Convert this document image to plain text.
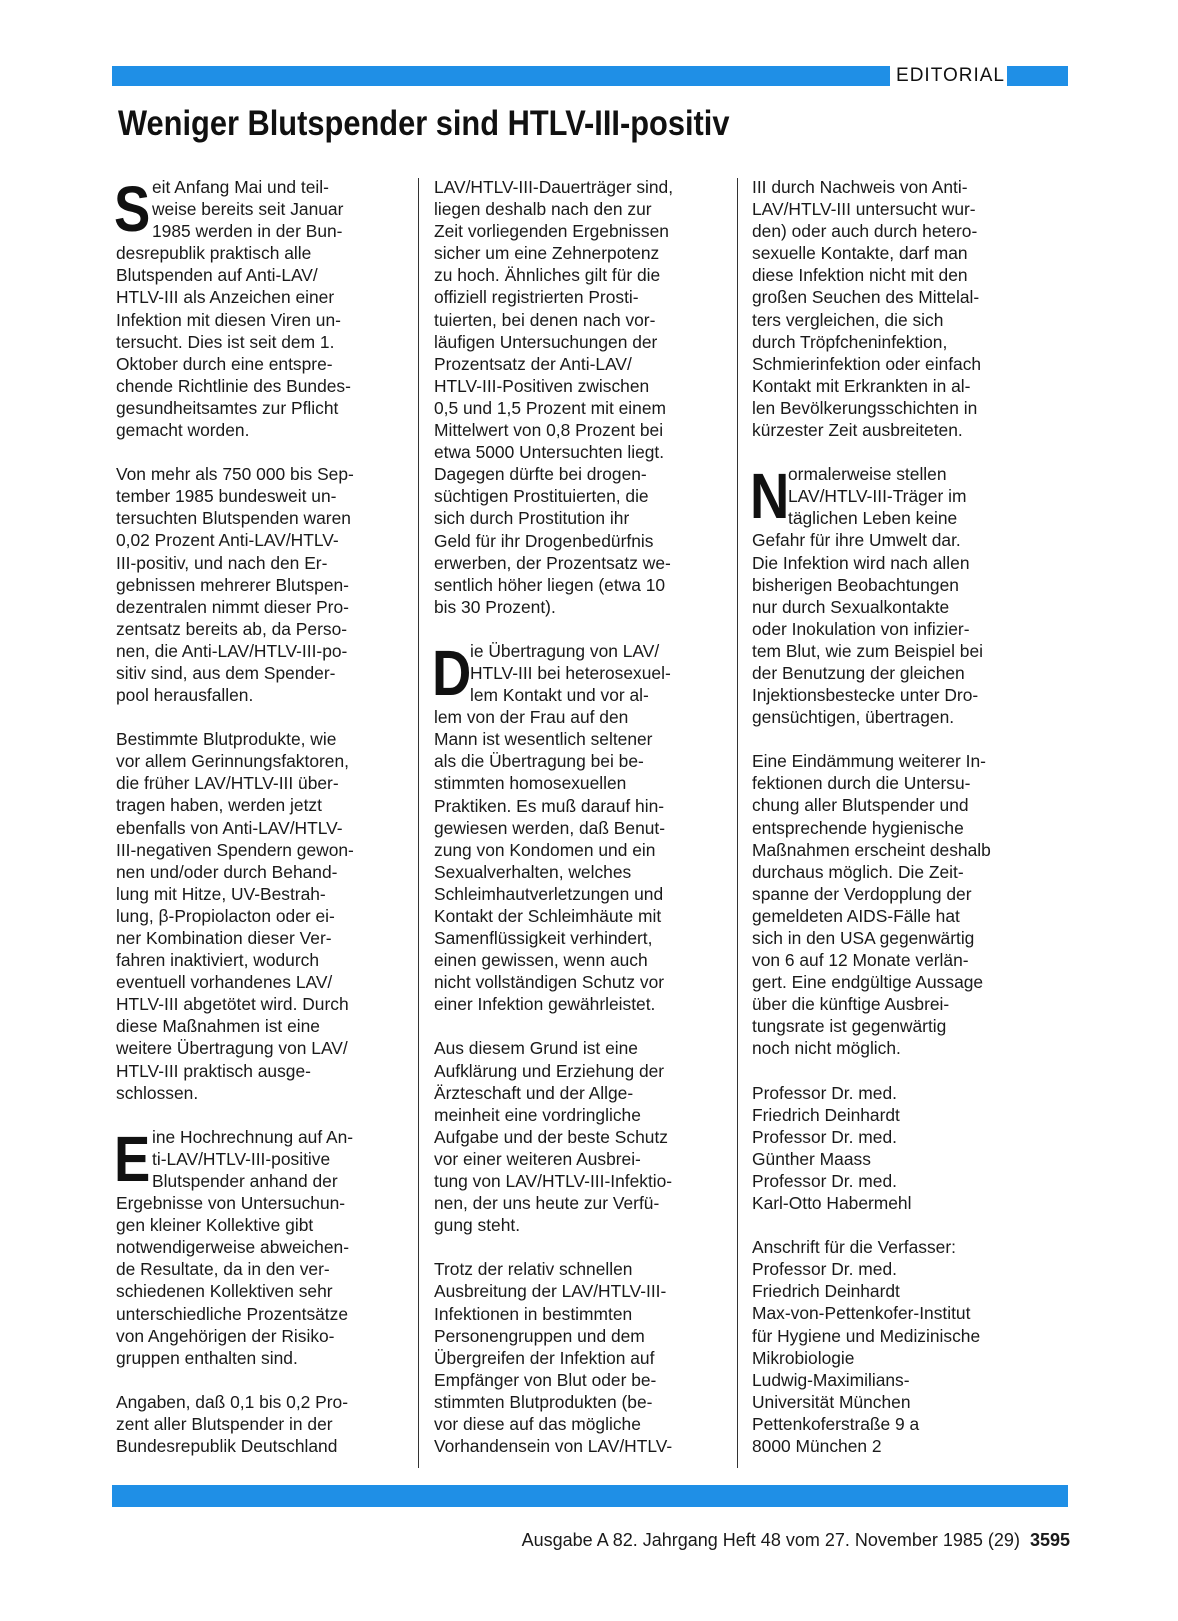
EDITORIAL
Weniger Blutspender sind HTLV-III-positiv

S eit Anfang Mai und teil-
weise bereits seit Januar
1985 werden in der Bun-
desrepublik praktisch alle
Blutspenden auf Anti-LAV/
HTLV-III als Anzeichen einer
Infektion mit diesen Viren un-
tersucht. Dies ist seit dem 1.
Oktober durch eine entspre-
chende Richtlinie des Bundes-
gesundheitsamtes zur Pflicht
gemacht worden.

Von mehr als 750 000 bis Sep-
tember 1985 bundesweit un-
tersuchten Blutspenden waren
0,02 Prozent Anti-LAV/HTLV-
III-positiv, und nach den Er-
gebnissen mehrerer Blutspen-
dezentralen nimmt dieser Pro-
zentsatz bereits ab, da Perso-
nen, die Anti-LAV/HTLV-III-po-
sitiv sind, aus dem Spender-
pool herausfallen.

Bestimmte Blutprodukte, wie
vor allem Gerinnungsfaktoren,
die früher LAV/HTLV-III über-
tragen haben, werden jetzt
ebenfalls von Anti-LAV/HTLV-
III-negativen Spendern gewon-
nen und/oder durch Behand-
lung mit Hitze, UV-Bestrah-
lung, β-Propiolacton oder ei-
ner Kombination dieser Ver-
fahren inaktiviert, wodurch
eventuell vorhandenes LAV/
HTLV-III abgetötet wird. Durch
diese Maßnahmen ist eine
weitere Übertragung von LAV/
HTLV-III praktisch ausge-
schlossen.

E ine Hochrechnung auf An-
ti-LAV/HTLV-III-positive
Blutspender anhand der
Ergebnisse von Untersuchun-
gen kleiner Kollektive gibt
notwendigerweise abweichen-
de Resultate, da in den ver-
schiedenen Kollektiven sehr
unterschiedliche Prozentsätze
von Angehörigen der Risiko-
gruppen enthalten sind.

Angaben, daß 0,1 bis 0,2 Pro-
zent aller Blutspender in der
Bundesrepublik Deutschland

LAV/HTLV-III-Dauerträger sind,
liegen deshalb nach den zur
Zeit vorliegenden Ergebnissen
sicher um eine Zehnerpotenz
zu hoch. Ähnliches gilt für die
offiziell registrierten Prosti-
tuierten, bei denen nach vor-
läufigen Untersuchungen der
Prozentsatz der Anti-LAV/
HTLV-III-Positiven zwischen
0,5 und 1,5 Prozent mit einem
Mittelwert von 0,8 Prozent bei
etwa 5000 Untersuchten liegt.
Dagegen dürfte bei drogen-
süchtigen Prostituierten, die
sich durch Prostitution ihr
Geld für ihr Drogenbedürfnis
erwerben, der Prozentsatz we-
sentlich höher liegen (etwa 10
bis 30 Prozent).

D
ie Übertragung von LAV/
HTLV-III bei heterosexuel-
lem Kontakt und vor al-
lem von der Frau auf den
Mann ist wesentlich seltener
als die Übertragung bei be-
stimmten homosexuellen
Praktiken. Es muß darauf hin-
gewiesen werden, daß Benut-
zung von Kondomen und ein
Sexualverhalten, welches
Schleimhautverletzungen und
Kontakt der Schleimhäute mit
Samenflüssigkeit verhindert,
einen gewissen, wenn auch
nicht vollständigen Schutz vor
einer Infektion gewährleistet.

Aus diesem Grund ist eine
Aufklärung und Erziehung der
Ärzteschaft und der Allge-
meinheit eine vordringliche
Aufgabe und der beste Schutz
vor einer weiteren Ausbrei-
tung von LAV/HTLV-III-Infektio-
nen, der uns heute zur Verfü-
gung steht.

Trotz der relativ schnellen
Ausbreitung der LAV/HTLV-III-
Infektionen in bestimmten
Personengruppen und dem
Übergreifen der Infektion auf
Empfänger von Blut oder be-
stimmten Blutprodukten (be-
vor diese auf das mögliche
Vorhandensein von LAV/HTLV-

III durch Nachweis von Anti-
LAV/HTLV-III untersucht wur-
den) oder auch durch hetero-
sexuelle Kontakte, darf man
diese Infektion nicht mit den
großen Seuchen des Mittelal-
ters vergleichen, die sich
durch Tröpfcheninfektion,
Schmierinfektion oder einfach
Kontakt mit Erkrankten in al-
len Bevölkerungsschichten in
kürzester Zeit ausbreiteten.

N
ormalerweise stellen
LAV/HTLV-III-Träger im
täglichen Leben keine
Gefahr für ihre Umwelt dar.
Die Infektion wird nach allen
bisherigen Beobachtungen
nur durch Sexualkontakte
oder Inokulation von infizier-
tem Blut, wie zum Beispiel bei
der Benutzung der gleichen
Injektionsbestecke unter Dro-
gensüchtigen, übertragen.

Eine Eindämmung weiterer In-
fektionen durch die Untersu-
chung aller Blutspender und
entsprechende hygienische
Maßnahmen erscheint deshalb
durchaus möglich. Die Zeit-
spanne der Verdopplung der
gemeldeten AIDS-Fälle hat
sich in den USA gegenwärtig
von 6 auf 12 Monate verlän-
gert. Eine endgültige Aussage
über die künftige Ausbrei-
tungsrate ist gegenwärtig
noch nicht möglich.

Professor Dr. med.
Friedrich Deinhardt
Professor Dr. med.
Günther Maass
Professor Dr. med.
Karl-Otto Habermehl

Anschrift für die Verfasser:
Professor Dr. med.
Friedrich Deinhardt
Max-von-Pettenkofer-Institut
für Hygiene und Medizinische
Mikrobiologie
Ludwig-Maximilians-
Universität München
Pettenkoferstraße 9 a
8000 München 2

Ausgabe A 82. Jahrgang Heft 48 vom 27. November 1985 (29) 3595
